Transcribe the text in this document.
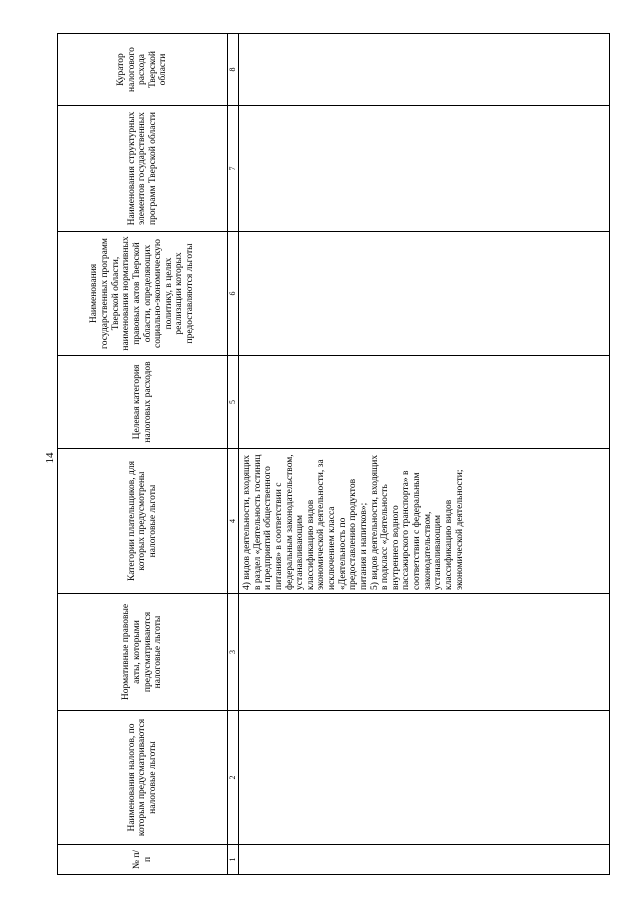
14
№ п/п	Наименования налогов, по которым предусматриваются налоговые льготы	Нормативные правовые акты, которыми предусматриваются налоговые льготы	Категории плательщиков, для которых предусмотрены налоговые льготы	Целевая категория налоговых расходов	Наименования государственных программ Тверской области, наименования нормативных правовых актов Тверской области, определяющих социально-экономическую политику, в целях реализации которых предоставляются льготы	Наименования структурных элементов государственных программ Тверской области	Куратор налогового расхода Тверской области
1	2	3	4	5	6	7	8

			4) видов деятельности, входящих в раздел «Деятельность гостиниц и предприятий общественного питания» в соответствии с федеральным законодательством, устанавливающим классификацию видов экономической деятельности, за исключением класса «Деятельность по предоставлению продуктов питания и напитков»; 5) видов деятельности, входящих в подкласс «Деятельность внутреннего водного пассажирского транспорта» в соответствии с федеральным законодательством, устанавливающим классификацию видов экономической деятельности;				
